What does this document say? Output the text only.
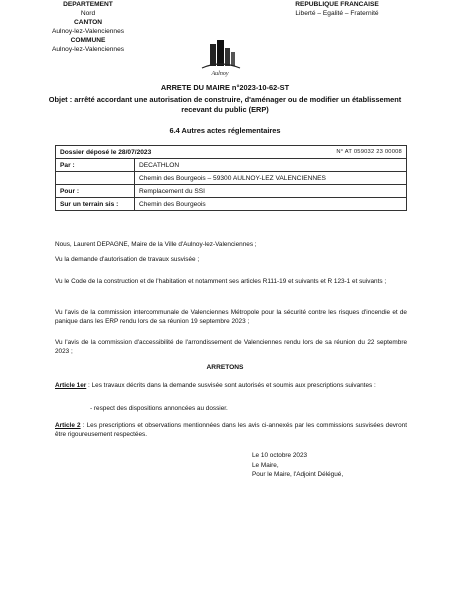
DEPARTEMENT
Nord
CANTON
Aulnoy-lez-Valenciennes
COMMUNE
Aulnoy-lez-Valenciennes
REPUBLIQUE FRANCAISE
Liberté – Egalité – Fraternité
Aulnoy
ARRETE DU MAIRE n°2023-10-62-ST
Objet : arrêté accordant une autorisation de construire, d'aménager ou de modifier un établissement recevant du public (ERP)
6.4 Autres actes réglementaires
Dossier déposé le 28/07/2023 N° AT 059032 23 00008	

Par :	DECATHLON
	Chemin des Bourgeois – 59300 AULNOY-LEZ VALENCIENNES
Pour :	Remplacement du SSI
Sur un terrain sis :	Chemin des Bourgeois
Nous, Laurent DEPAGNE, Maire de la Ville d'Aulnoy-lez-Valenciennes ;
Vu la demande d'autorisation de travaux susvisée ;
Vu le Code de la construction et de l'habitation et notamment ses articles R111-19 et suivants et R 123-1 et suivants ;
Vu l'avis de la commission intercommunale de Valenciennes Métropole pour la sécurité contre les risques d'incendie et de panique dans les ERP rendu lors de sa réunion 19 septembre 2023 ;
Vu l'avis de la commission d'accessibilité de l'arrondissement de Valenciennes rendu lors de sa réunion du 22 septembre 2023 ;
ARRETONS
Article 1er : Les travaux décrits dans la demande susvisée sont autorisés et soumis aux prescriptions suivantes :
- respect des dispositions annoncées au dossier.
Article 2 : Les prescriptions et observations mentionnées dans les avis ci-annexés par les commissions susvisées devront être rigoureusement respectées.
Le 10 octobre 2023
Le Maire,
Pour le Maire, l'Adjoint Délégué,
